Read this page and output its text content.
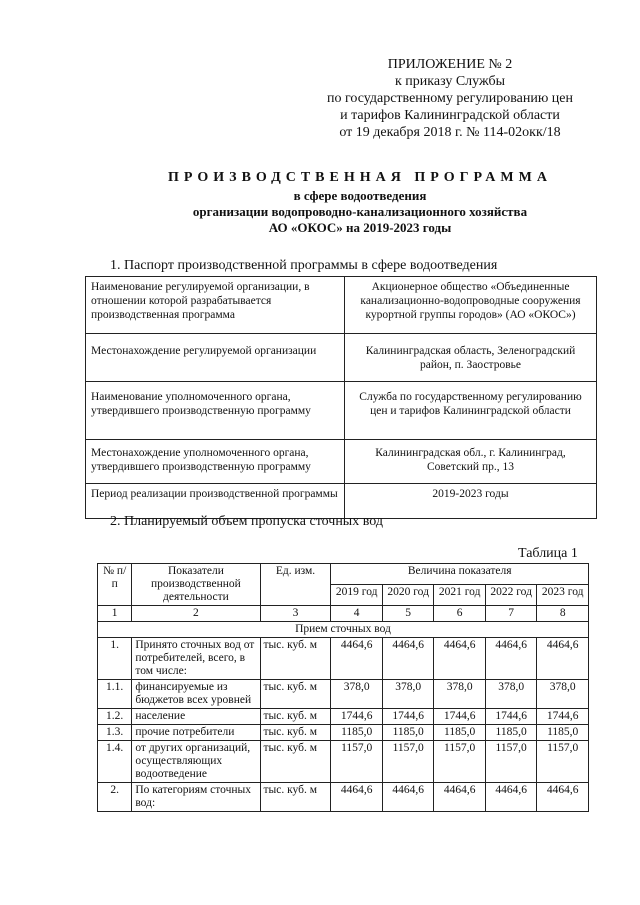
ПРИЛОЖЕНИЕ № 2
к приказу Службы
по государственному регулированию цен
и тарифов Калининградской области
от 19 декабря 2018 г. № 114-02окк/18
ПРОИЗВОДСТВЕННАЯ ПРОГРАММА
в сфере водоотведения
организации водопроводно-канализационного хозяйства
АО «ОКОС» на 2019-2023 годы
1. Паспорт производственной программы в сфере водоотведения
Наименование регулируемой организации, в отношении которой разрабатывается производственная программа	Акционерное общество «Объединенные канализационно-водопроводные сооружения курортной группы городов» (АО «ОКОС»)
Местонахождение регулируемой организации	Калининградская область, Зеленоградский район, п. Заостровье
Наименование уполномоченного органа, утвердившего производственную программу	Служба по государственному регулированию цен и тарифов Калининградской области
Местонахождение уполномоченного органа, утвердившего производственную программу	Калининградская обл., г. Калининград, Советский пр., 13
Период реализации производственной программы	2019-2023 годы
2. Планируемый объем пропуска сточных вод
Таблица 1
№ п/п	Показатели производственной деятельности	Ед. изм.	Величина показателя				
			2019 год	2020 год	2021 год	2022 год	2023 год
1	2	3	4	5	6	7	8
Прием сточных вод							
1.	Принято сточных вод от потребителей, всего, в том числе:	тыс. куб. м	4464,6	4464,6	4464,6	4464,6	4464,6
1.1.	финансируемые из бюджетов всех уровней	тыс. куб. м	378,0	378,0	378,0	378,0	378,0
1.2.	население	тыс. куб. м	1744,6	1744,6	1744,6	1744,6	1744,6
1.3.	прочие потребители	тыс. куб. м	1185,0	1185,0	1185,0	1185,0	1185,0
1.4.	от других организаций, осуществляющих водоотведение	тыс. куб. м	1157,0	1157,0	1157,0	1157,0	1157,0
2.	По категориям сточных вод:	тыс. куб. м	4464,6	4464,6	4464,6	4464,6	4464,6
